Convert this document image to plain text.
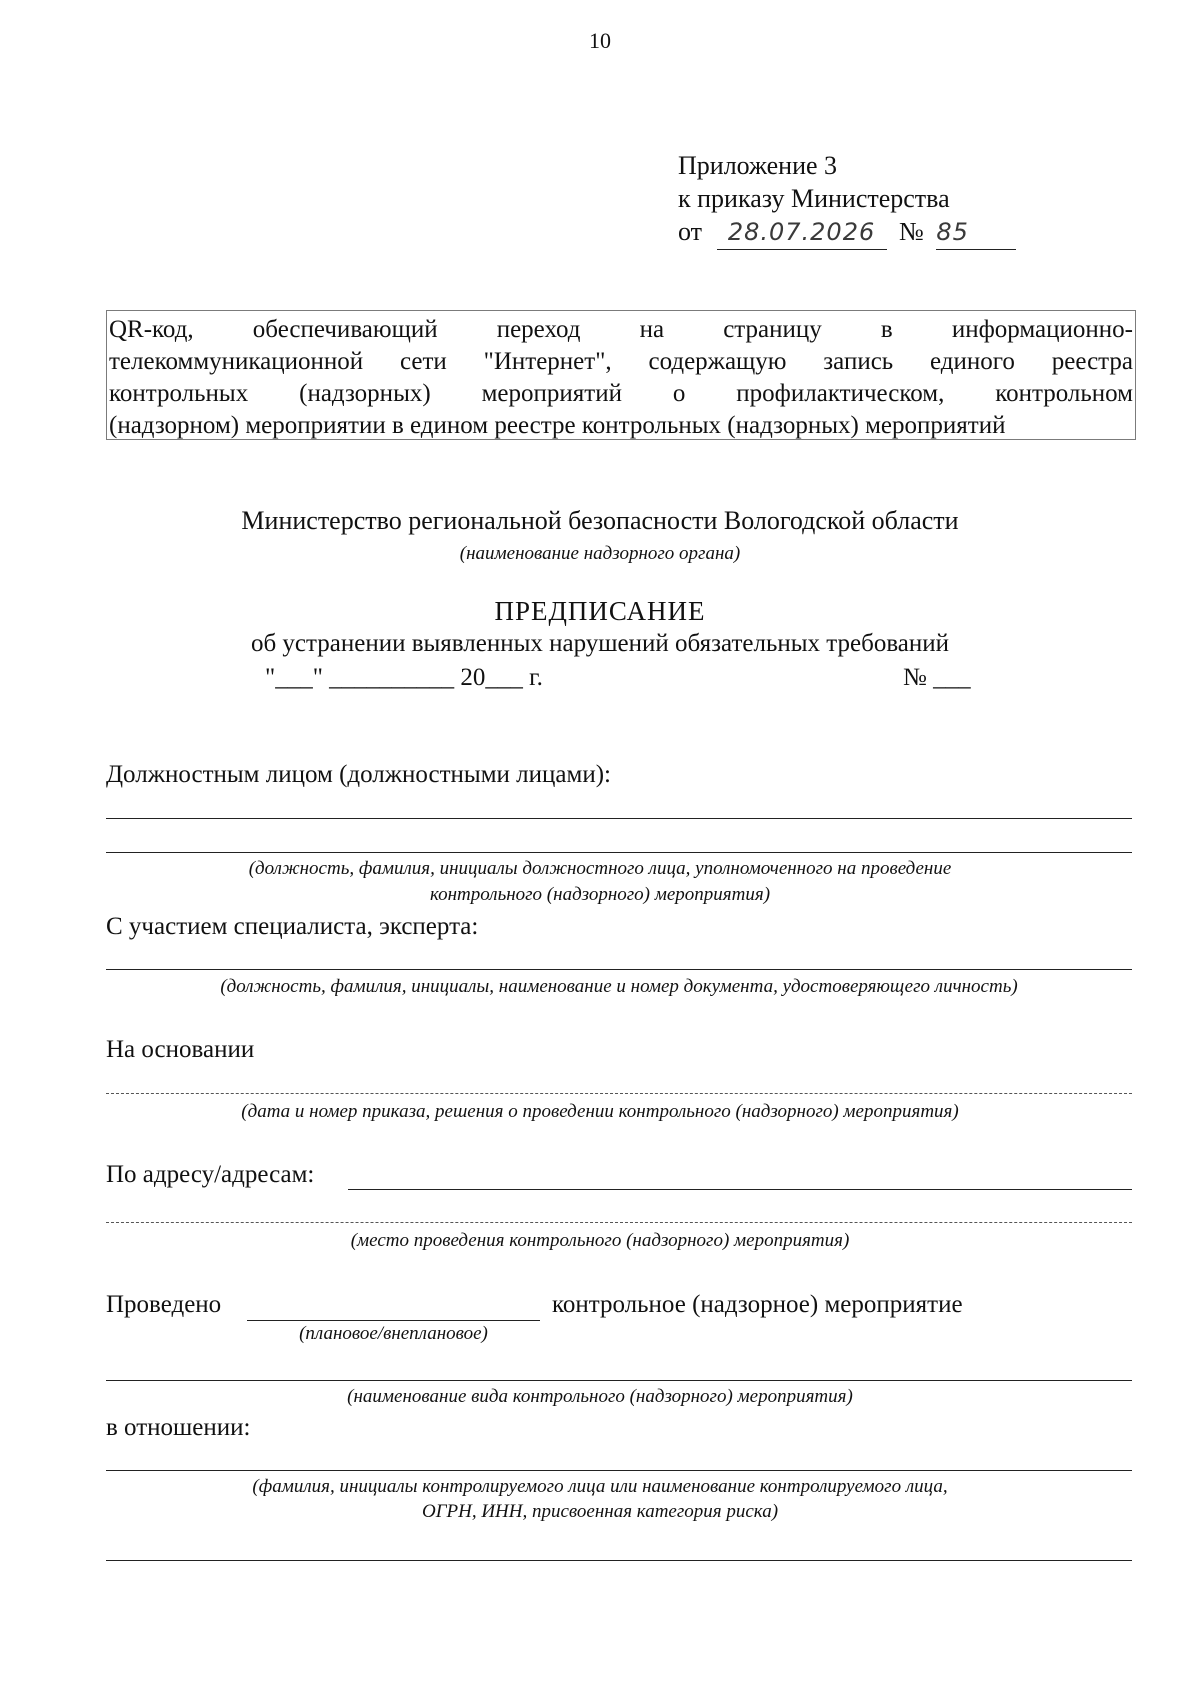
10
Приложение 3
к приказу Министерства
от 28.07.2026 № 85
QR-код, обеспечивающий переход на страницу в информационно-
телекоммуникационной сети "Интернет", содержащую запись единого реестра
контрольных (надзорных) мероприятий о профилактическом, контрольном
(надзорном) мероприятии в едином реестре контрольных (надзорных) мероприятий
Министерство региональной безопасности Вологодской области
(наименование надзорного органа)
ПРЕДПИСАНИЕ
об устранении выявленных нарушений обязательных требований
"___" __________ 20___ г.	№ ___
Должностным лицом (должностными лицами):
(должность, фамилия, инициалы должностного лица, уполномоченного на проведение
контрольного (надзорного) мероприятия)
С участием специалиста, эксперта:
(должность, фамилия, инициалы, наименование и номер документа, удостоверяющего личность)
На основании
(дата и номер приказа, решения о проведении контрольного (надзорного) мероприятия)
По адресу/адресам:
(место проведения контрольного (надзорного) мероприятия)
Проведено	контрольное (надзорное) мероприятие
(плановое/внеплановое)
(наименование вида контрольного (надзорного) мероприятия)
в отношении:
(фамилия, инициалы контролируемого лица или наименование контролируемого лица,
ОГРН, ИНН, присвоенная категория риска)
